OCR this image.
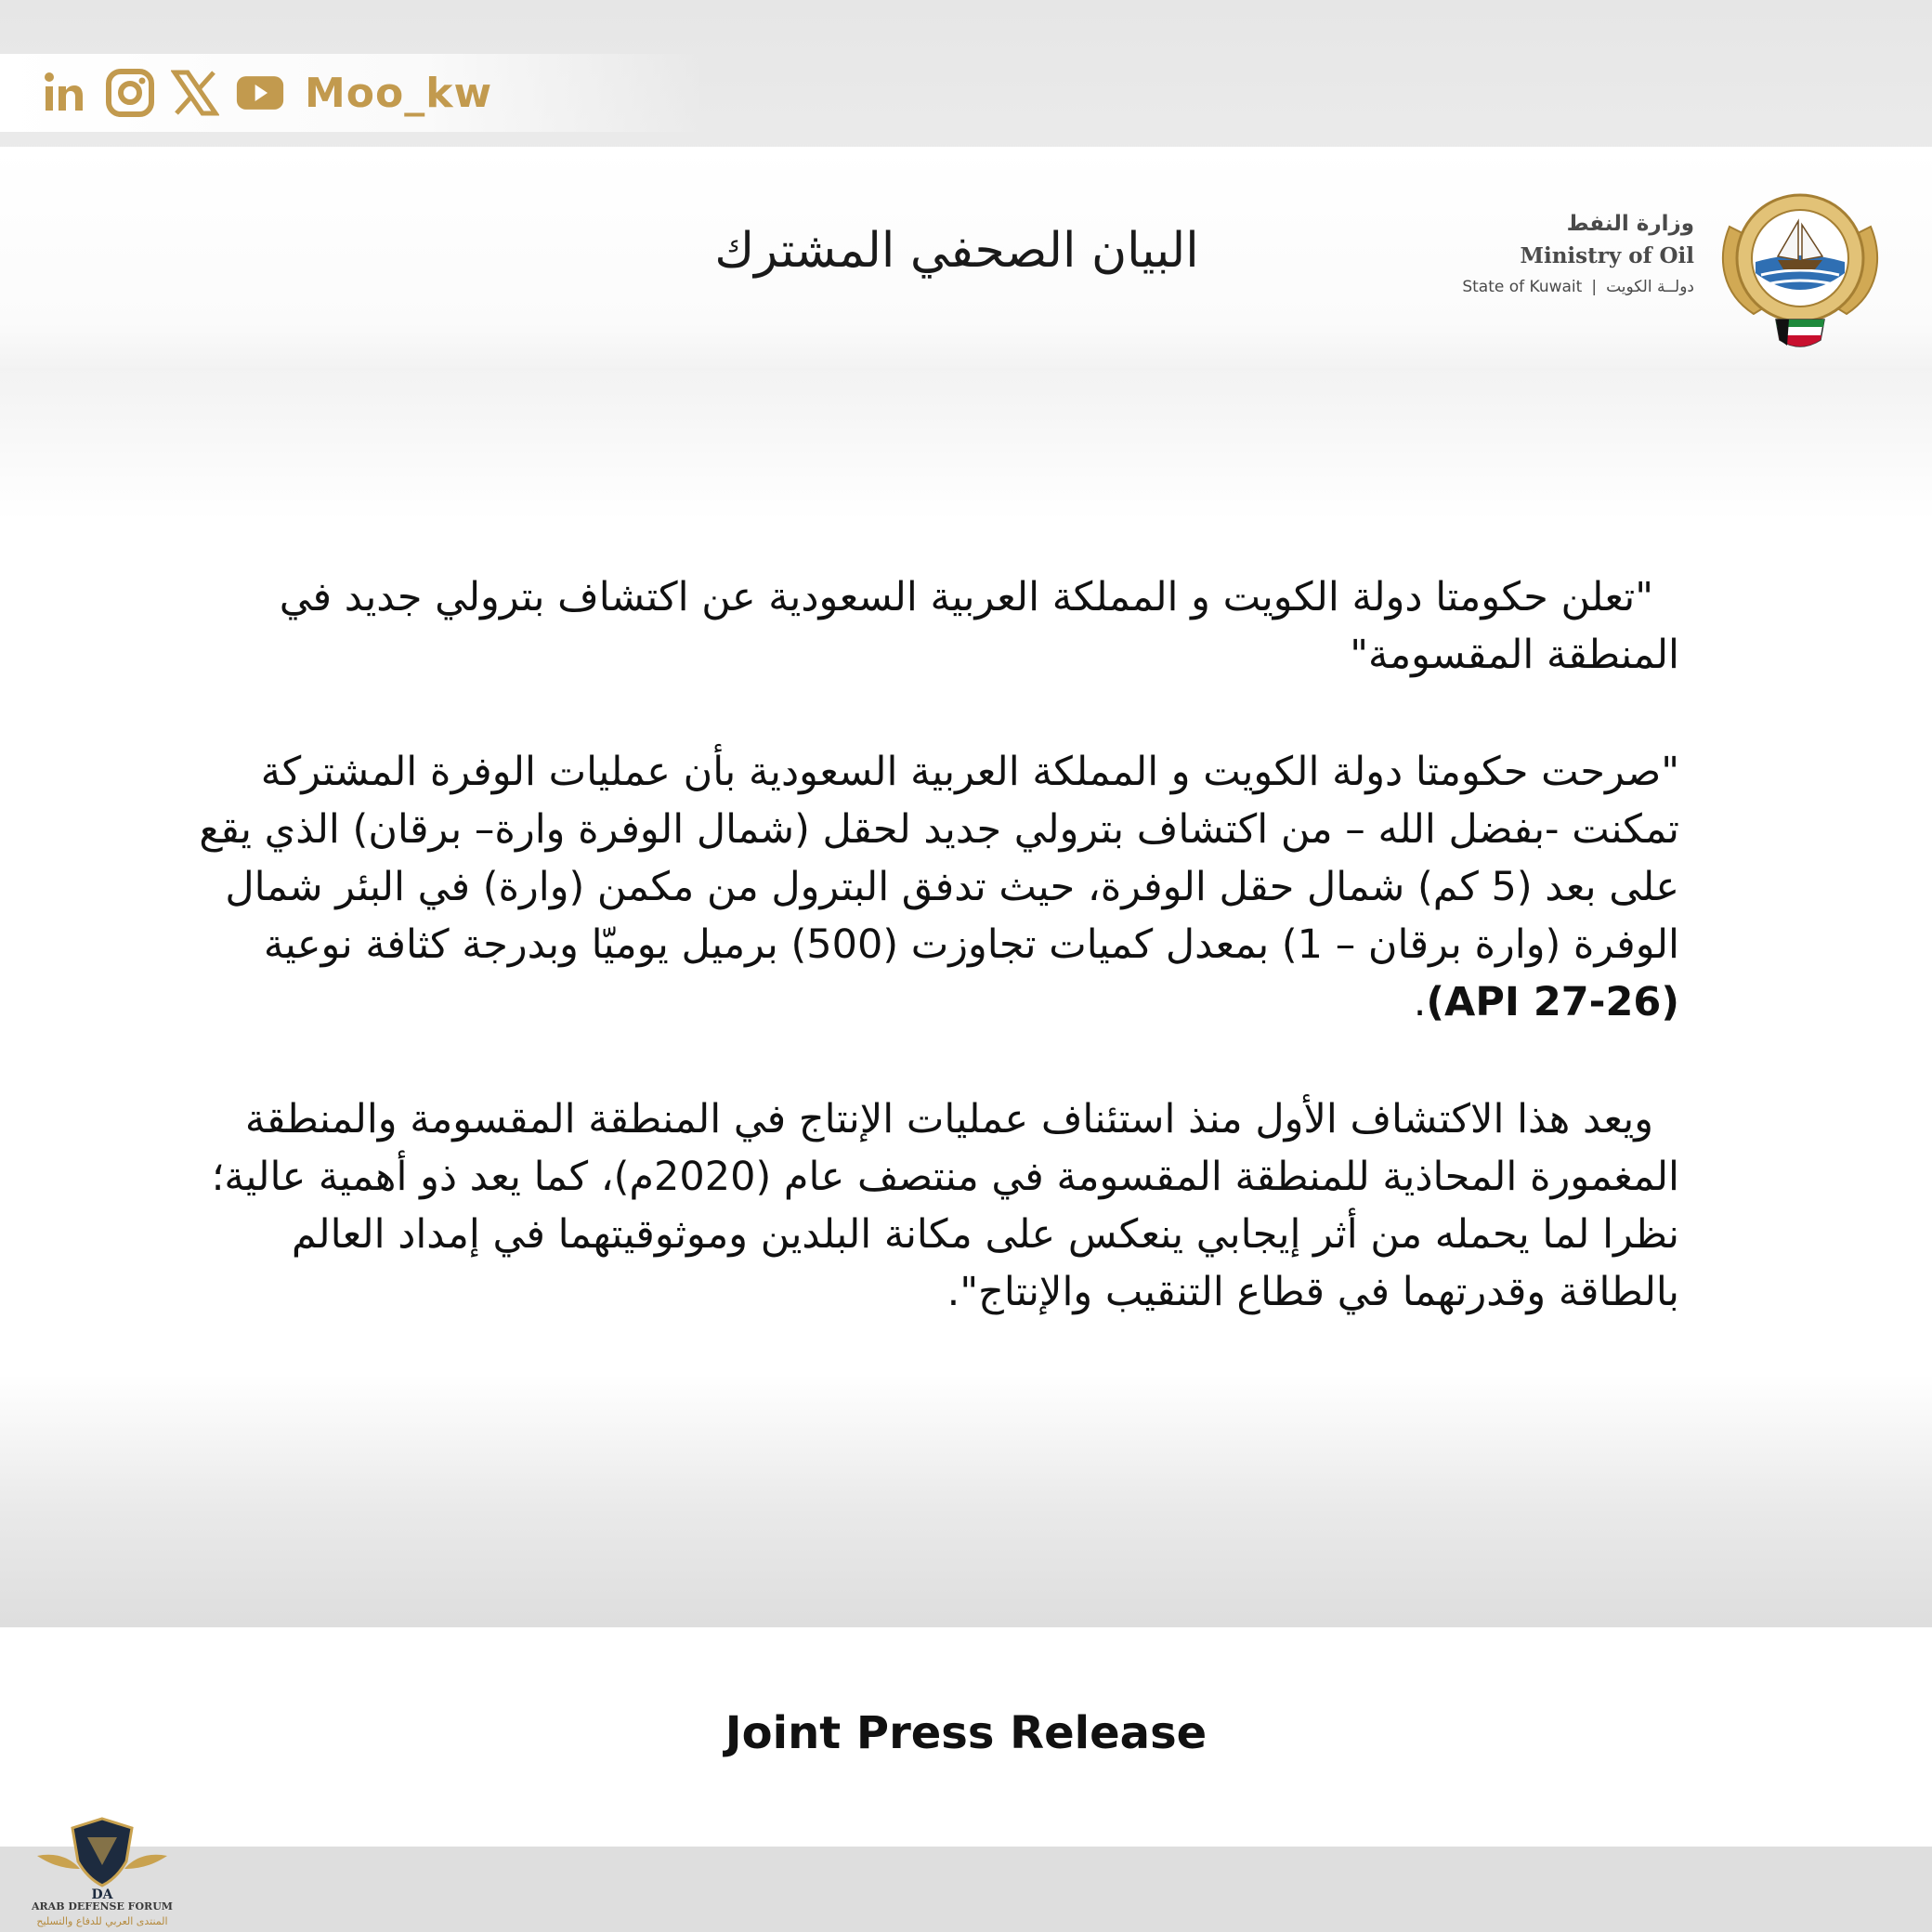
Moo_kw
البيان الصحفي المشترك	وزارة النفط
Ministry of Oil
State of Kuwait | دولــة الكويت

"تعلن حكومتا دولة الكويت و المملكة العربية السعودية عن اكتشاف بترولي جديد في المنطقة المقسومة"

"صرحت حكومتا دولة الكويت و المملكة العربية السعودية بأن عمليات الوفرة المشتركة تمكنت -بفضل الله – من اكتشاف بترولي جديد لحقل (شمال الوفرة وارة– برقان) الذي يقع على بعد (5 كم) شمال حقل الوفرة، حيث تدفق البترول من مكمن (وارة) في البئر شمال الوفرة (وارة برقان – 1) بمعدل كميات تجاوزت (500) برميل يوميّا وبدرجة كثافة نوعية (API 27-26).

ويعد هذا الاكتشاف الأول منذ استئناف عمليات الإنتاج في المنطقة المقسومة والمنطقة المغمورة المحاذية للمنطقة المقسومة في منتصف عام (2020م)، كما يعد ذو أهمية عالية؛ نظرا لما يحمله من أثر إيجابي ينعكس على مكانة البلدين وموثوقيتهما في إمداد العالم بالطاقة وقدرتهما في قطاع التنقيب والإنتاج".

Joint Press Release
DA
ARAB DEFENSE FORUM
المنتدى العربي للدفاع والتسليح
